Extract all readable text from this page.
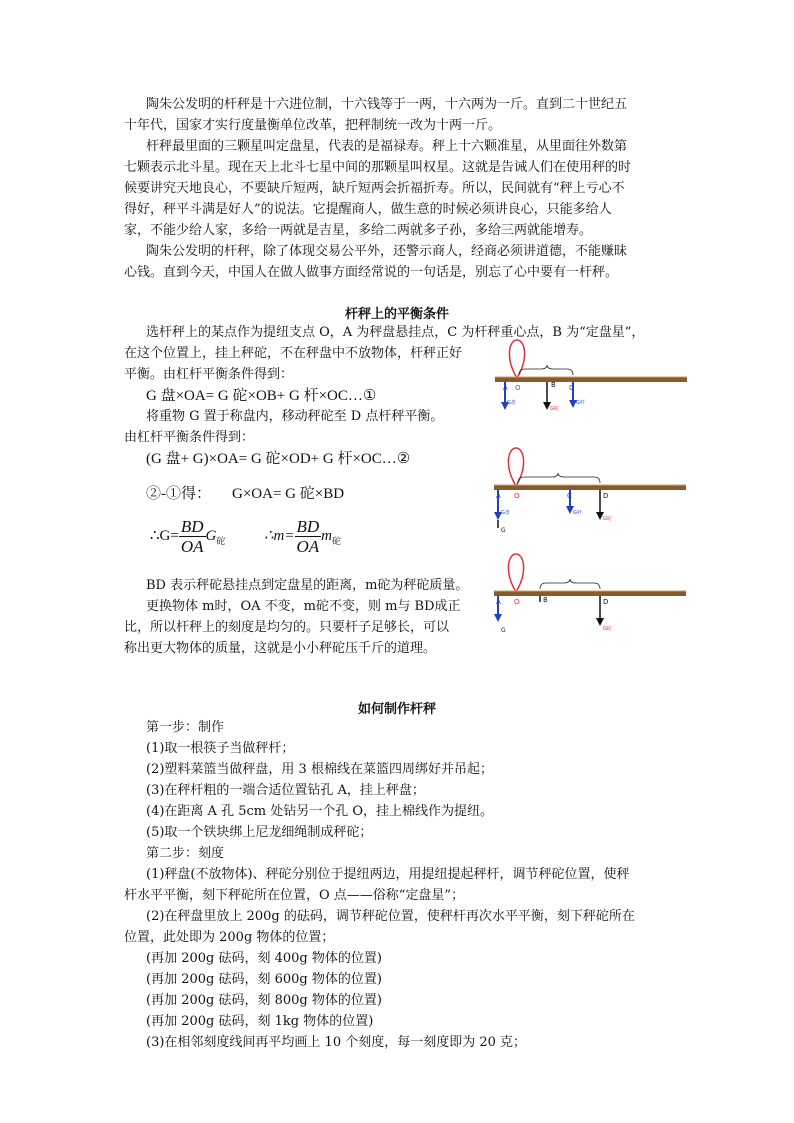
陶朱公发明的杆秤是十六进位制，十六钱等于一两，十六两为一斤。直到二十世纪五
十年代，国家才实行度量衡单位改革，把秤制统一改为十两一斤。
杆秤最里面的三颗星叫定盘星，代表的是福禄寿。秤上十六颗准星，从里面往外数第
七颗表示北斗星。现在天上北斗七星中间的那颗星叫权星。这就是告诫人们在使用秤的时
候要讲究天地良心，不要缺斤短两，缺斤短两会折福折寿。所以，民间就有“秤上亏心不
得好，秤平斗满是好人”的说法。它提醒商人，做生意的时候必须讲良心，只能多给人
家，不能少给人家，多给一两就是吉星，多给二两就多子孙，多给三两就能增寿。
陶朱公发明的杆秤，除了体现交易公平外，还警示商人，经商必须讲道德，不能赚昧
心钱。直到今天，中国人在做人做事方面经常说的一句话是，别忘了心中要有一杆秤。
杆秤上的平衡条件
选杆秤上的某点作为提纽支点 O，A 为秤盘悬挂点，C 为杆秤重心点，B 为“定盘星”，
在这个位置上，挂上秤砣，不在秤盘中不放物体，杆秤正好
平衡。由杠杆平衡条件得到：
G 盘×OA= G 砣×OB+ G 杆×OC…①
将重物 G 置于称盘内，移动秤砣至 D 点杆秤平衡。
由杠杆平衡条件得到：
(G 盘+ G)×OA= G 砣×OD+ G 杆×OC…②
②-①得： G×OA= G 砣×BD
∴G= $\frac{BD}{OA} G_砣$	∴m= $\frac{BD}{OA} m_砣$
BD 表示秤砣悬挂点到定盘星的距离，m砣为秤砣质量。
更换物体 m时，OA 不变，m砣不变，则 m与 BD成正
比，所以杆秤上的刻度是均匀的。只要杆子足够长，可以
称出更大物体的质量，这就是小小秤砣压千斤的道理。
A O	B C
G盘
G砣
G杆
A O	C	D
G
G盘	G杆
G砣
A O	B	D
G	G砣
如何制作杆秤
第一步：制作
(1)取一根筷子当做秤杆；
(2)塑料菜篮当做秤盘，用 3 根棉线在菜篮四周绑好并吊起；
(3)在秤杆粗的一端合适位置钻孔 A，挂上秤盘；
(4)在距离 A 孔 5cm 处钻另一个孔 O，挂上棉线作为提纽。
(5)取一个铁块绑上尼龙细绳制成秤砣；
第二步：刻度
(1)秤盘(不放物体)、秤砣分别位于提纽两边，用提纽提起秤杆，调节秤砣位置，使秤
杆水平平衡，刻下秤砣所在位置，O 点——俗称“定盘星”；
(2)在秤盘里放上 200g 的砝码，调节秤砣位置，使秤杆再次水平平衡，刻下秤砣所在
位置，此处即为 200g 物体的位置；
(再加 200g 砝码，刻 400g 物体的位置)
(再加 200g 砝码，刻 600g 物体的位置)
(再加 200g 砝码，刻 800g 物体的位置)
(再加 200g 砝码，刻 1kg 物体的位置)
(3)在相邻刻度线间再平均画上 10 个刻度，每一刻度即为 20 克；
